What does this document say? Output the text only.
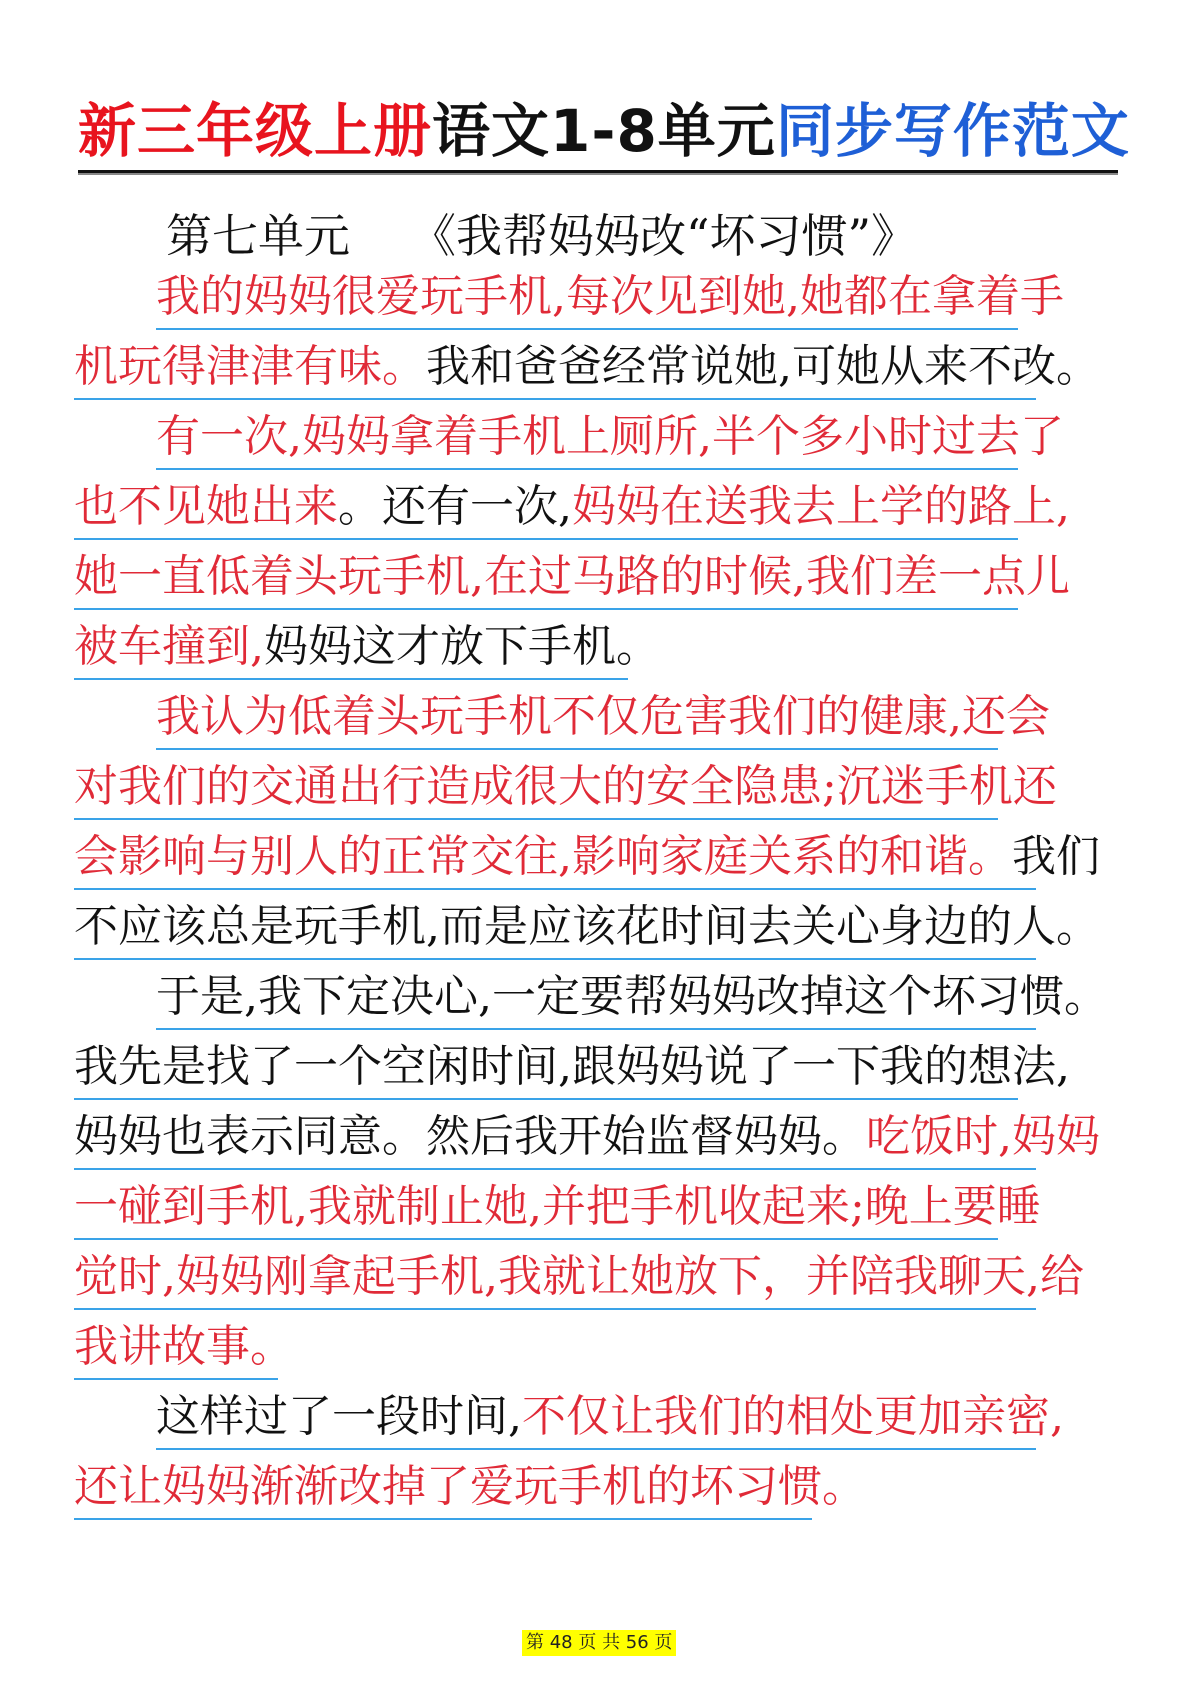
新三年级上册语文1-8单元同步写作范文
第七单元 《我帮妈妈改“坏习惯”》
我的妈妈很爱玩手机,每次见到她,她都在拿着手
机玩得津津有味。我和爸爸经常说她,可她从来不改。
有一次,妈妈拿着手机上厕所,半个多小时过去了
也不见她出来。还有一次,妈妈在送我去上学的路上,
她一直低着头玩手机,在过马路的时候,我们差一点儿
被车撞到,妈妈这才放下手机。
我认为低着头玩手机不仅危害我们的健康,还会
对我们的交通出行造成很大的安全隐患;沉迷手机还
会影响与别人的正常交往,影响家庭关系的和谐。我们
不应该总是玩手机,而是应该花时间去关心身边的人。
于是,我下定决心,一定要帮妈妈改掉这个坏习惯。
我先是找了一个空闲时间,跟妈妈说了一下我的想法,
妈妈也表示同意。然后我开始监督妈妈。吃饭时,妈妈
一碰到手机,我就制止她,并把手机收起来;晚上要睡
觉时,妈妈刚拿起手机,我就让她放下，并陪我聊天,给
我讲故事。
这样过了一段时间,不仅让我们的相处更加亲密,
还让妈妈渐渐改掉了爱玩手机的坏习惯。
第 48 页 共 56 页
